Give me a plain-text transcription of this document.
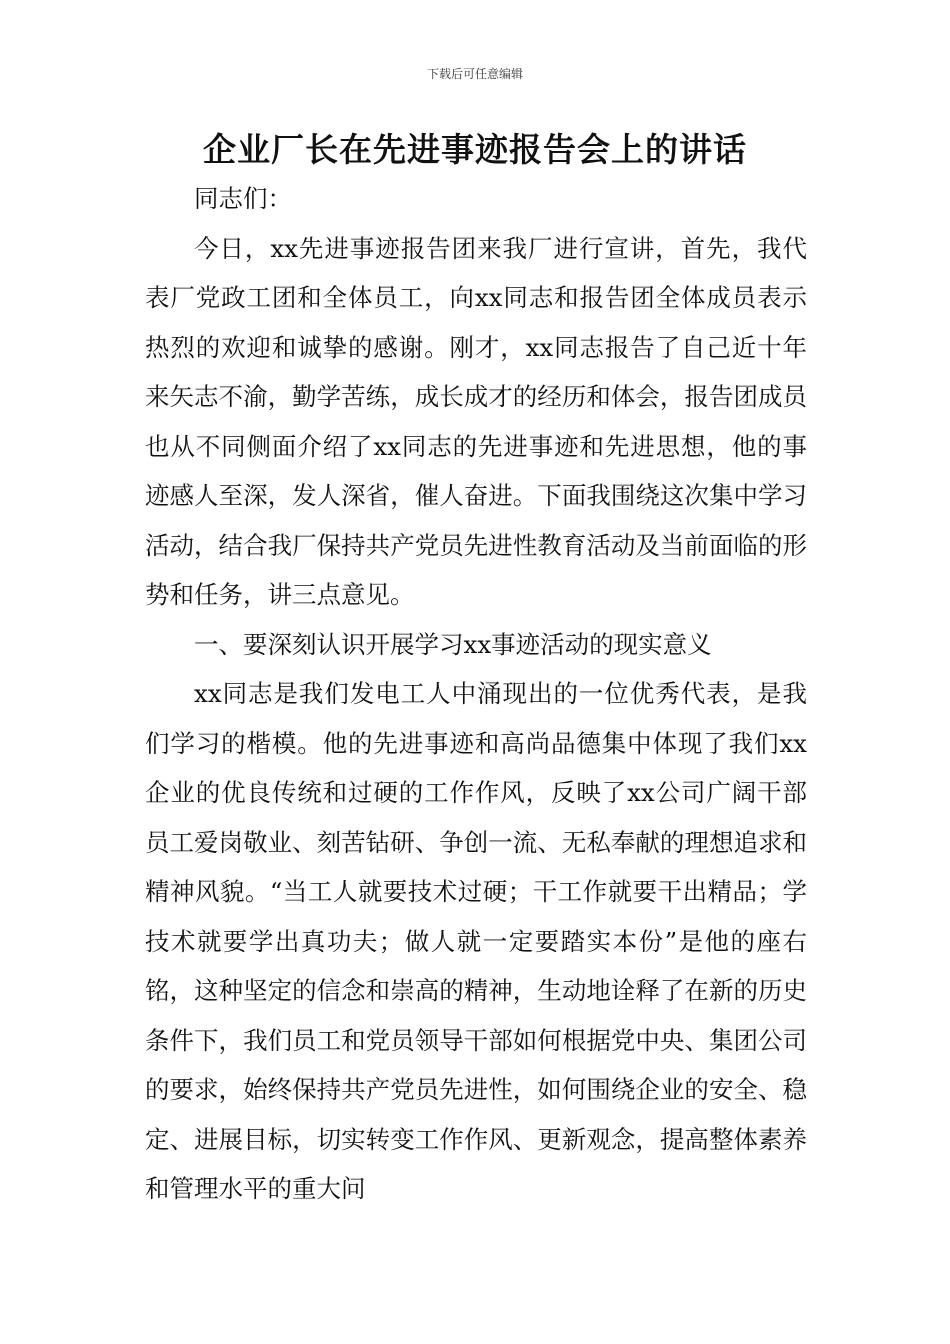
下载后可任意编辑
企业厂长在先进事迹报告会上的讲话

同志们：

今日，xx先进事迹报告团来我厂进行宣讲，首先，我代表厂党政工团和全体员工，向xx同志和报告团全体成员表示热烈的欢迎和诚挚的感谢。刚才，xx同志报告了自己近十年来矢志不渝，勤学苦练，成长成才的经历和体会，报告团成员也从不同侧面介绍了xx同志的先进事迹和先进思想，他的事迹感人至深，发人深省，催人奋进。下面我围绕这次集中学习活动，结合我厂保持共产党员先进性教育活动及当前面临的形势和任务，讲三点意见。

一、要深刻认识开展学习xx事迹活动的现实意义

xx同志是我们发电工人中涌现出的一位优秀代表，是我们学习的楷模。他的先进事迹和高尚品德集中体现了我们xx企业的优良传统和过硬的工作作风，反映了xx公司广阔干部员工爱岗敬业、刻苦钻研、争创一流、无私奉献的理想追求和精神风貌。“当工人就要技术过硬；干工作就要干出精品；学技术就要学出真功夫；做人就一定要踏实本份”是他的座右铭，这种坚定的信念和崇高的精神，生动地诠释了在新的历史条件下，我们员工和党员领导干部如何根据党中央、集团公司的要求，始终保持共产党员先进性，如何围绕企业的安全、稳定、进展目标，切实转变工作作风、更新观念，提高整体素养和管理水平的重大问
